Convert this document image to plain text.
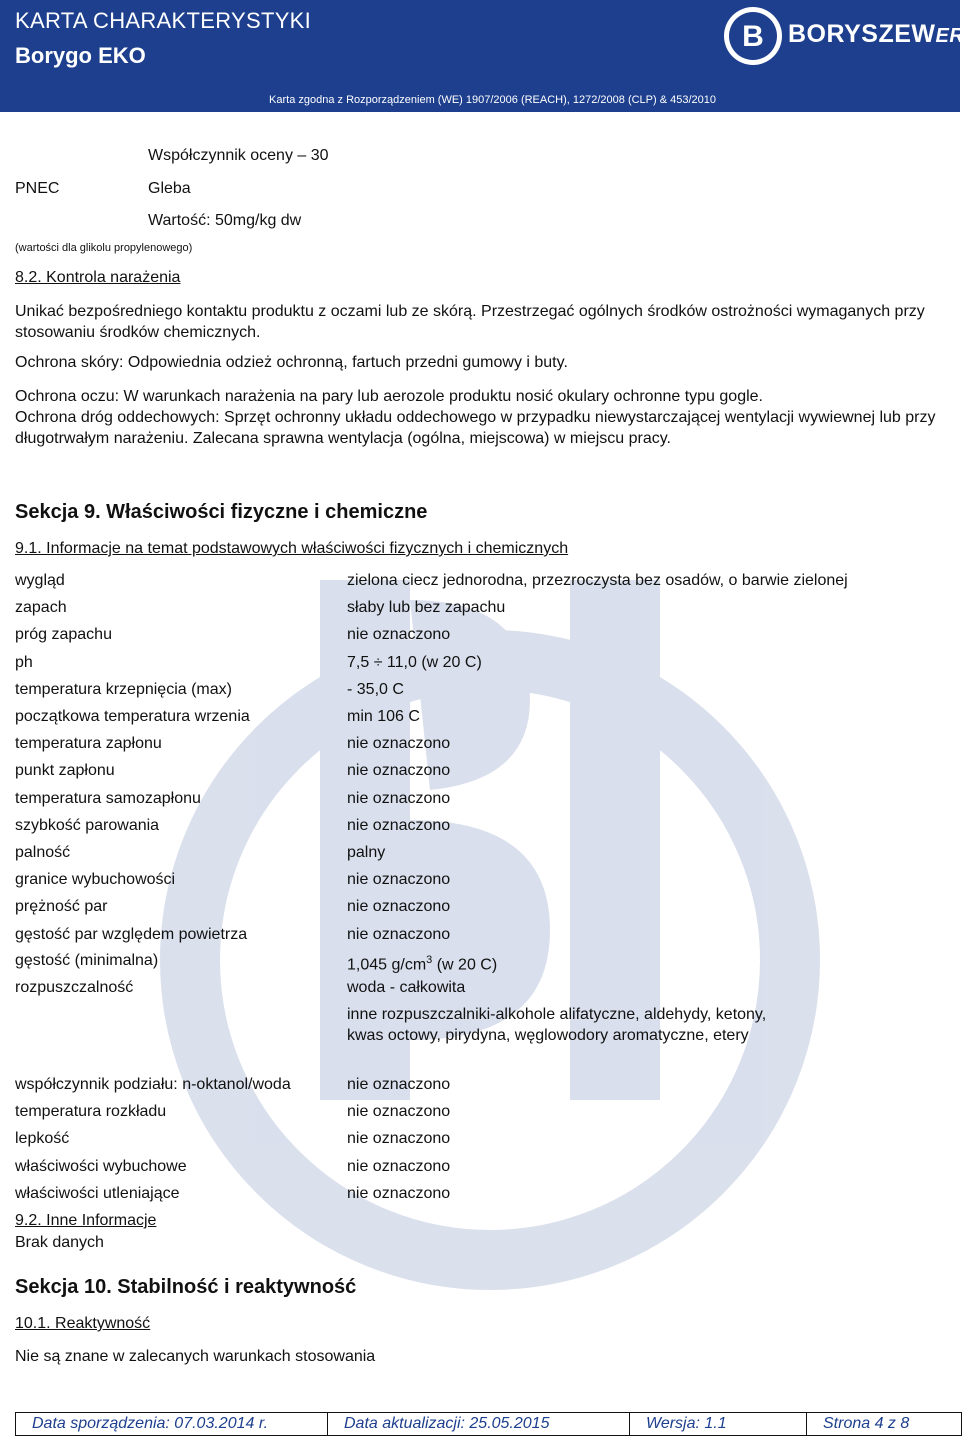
KARTA CHARAKTERYSTYKI
Borygo EKO
B BORYSZEWERG
Karta zgodna z Rozporządzeniem (WE) 1907/2006 (REACH), 1272/2008 (CLP) & 453/2010
PNEC
Współczynnik oceny – 30
Gleba
Wartość: 50mg/kg dw
(wartości dla glikolu propylenowego)
8.2. Kontrola narażenia
Unikać bezpośredniego kontaktu produktu z oczami lub ze skórą. Przestrzegać ogólnych środków ostrożności wymaganych przy stosowaniu środków chemicznych.
Ochrona skóry: Odpowiednia odzież ochronną, fartuch przedni gumowy i buty.
Ochrona oczu: W warunkach narażenia na pary lub aerozole produktu nosić okulary ochronne typu gogle.
Ochrona dróg oddechowych: Sprzęt ochronny układu oddechowego w przypadku niewystarczającej wentylacji wywiewnej lub przy długotrwałym narażeniu. Zalecana sprawna wentylacja (ogólna, miejscowa) w miejscu pracy.
Sekcja 9. Właściwości fizyczne i chemiczne
9.1. Informacje na temat podstawowych właściwości fizycznych i chemicznych
wygląd	zielona ciecz jednorodna, przezroczysta bez osadów, o barwie zielonej
zapach	słaby lub bez zapachu
próg zapachu	nie oznaczono
ph	7,5 ÷ 11,0 (w 20 C)
temperatura krzepnięcia (max)	- 35,0 C
początkowa temperatura wrzenia	min 106 C
temperatura zapłonu	nie oznaczono
punkt zapłonu	nie oznaczono
temperatura samozapłonu	nie oznaczono
szybkość parowania	nie oznaczono
palność	palny
granice wybuchowości	nie oznaczono
prężność par	nie oznaczono
gęstość par względem powietrza	nie oznaczono
gęstość (minimalna)	1,045 $g/cm^3$ (w 20 C)
rozpuszczalność	woda - całkowita
inne rozpuszczalniki-alkohole alifatyczne, aldehydy, ketony, kwas octowy, pirydyna, węglowodory aromatyczne, etery
współczynnik podziału: n-oktanol/woda	nie oznaczono
temperatura rozkładu	nie oznaczono
lepkość	nie oznaczono
właściwości wybuchowe	nie oznaczono
właściwości utleniające	nie oznaczono
9.2. Inne Informacje
Brak danych
Sekcja 10. Stabilność i reaktywność
10.1. Reaktywność
Nie są znane w zalecanych warunkach stosowania
Data sporządzenia: 07.03.2014 r.	Data aktualizacji: 25.05.2015	Wersja: 1.1	Strona 4 z 8
